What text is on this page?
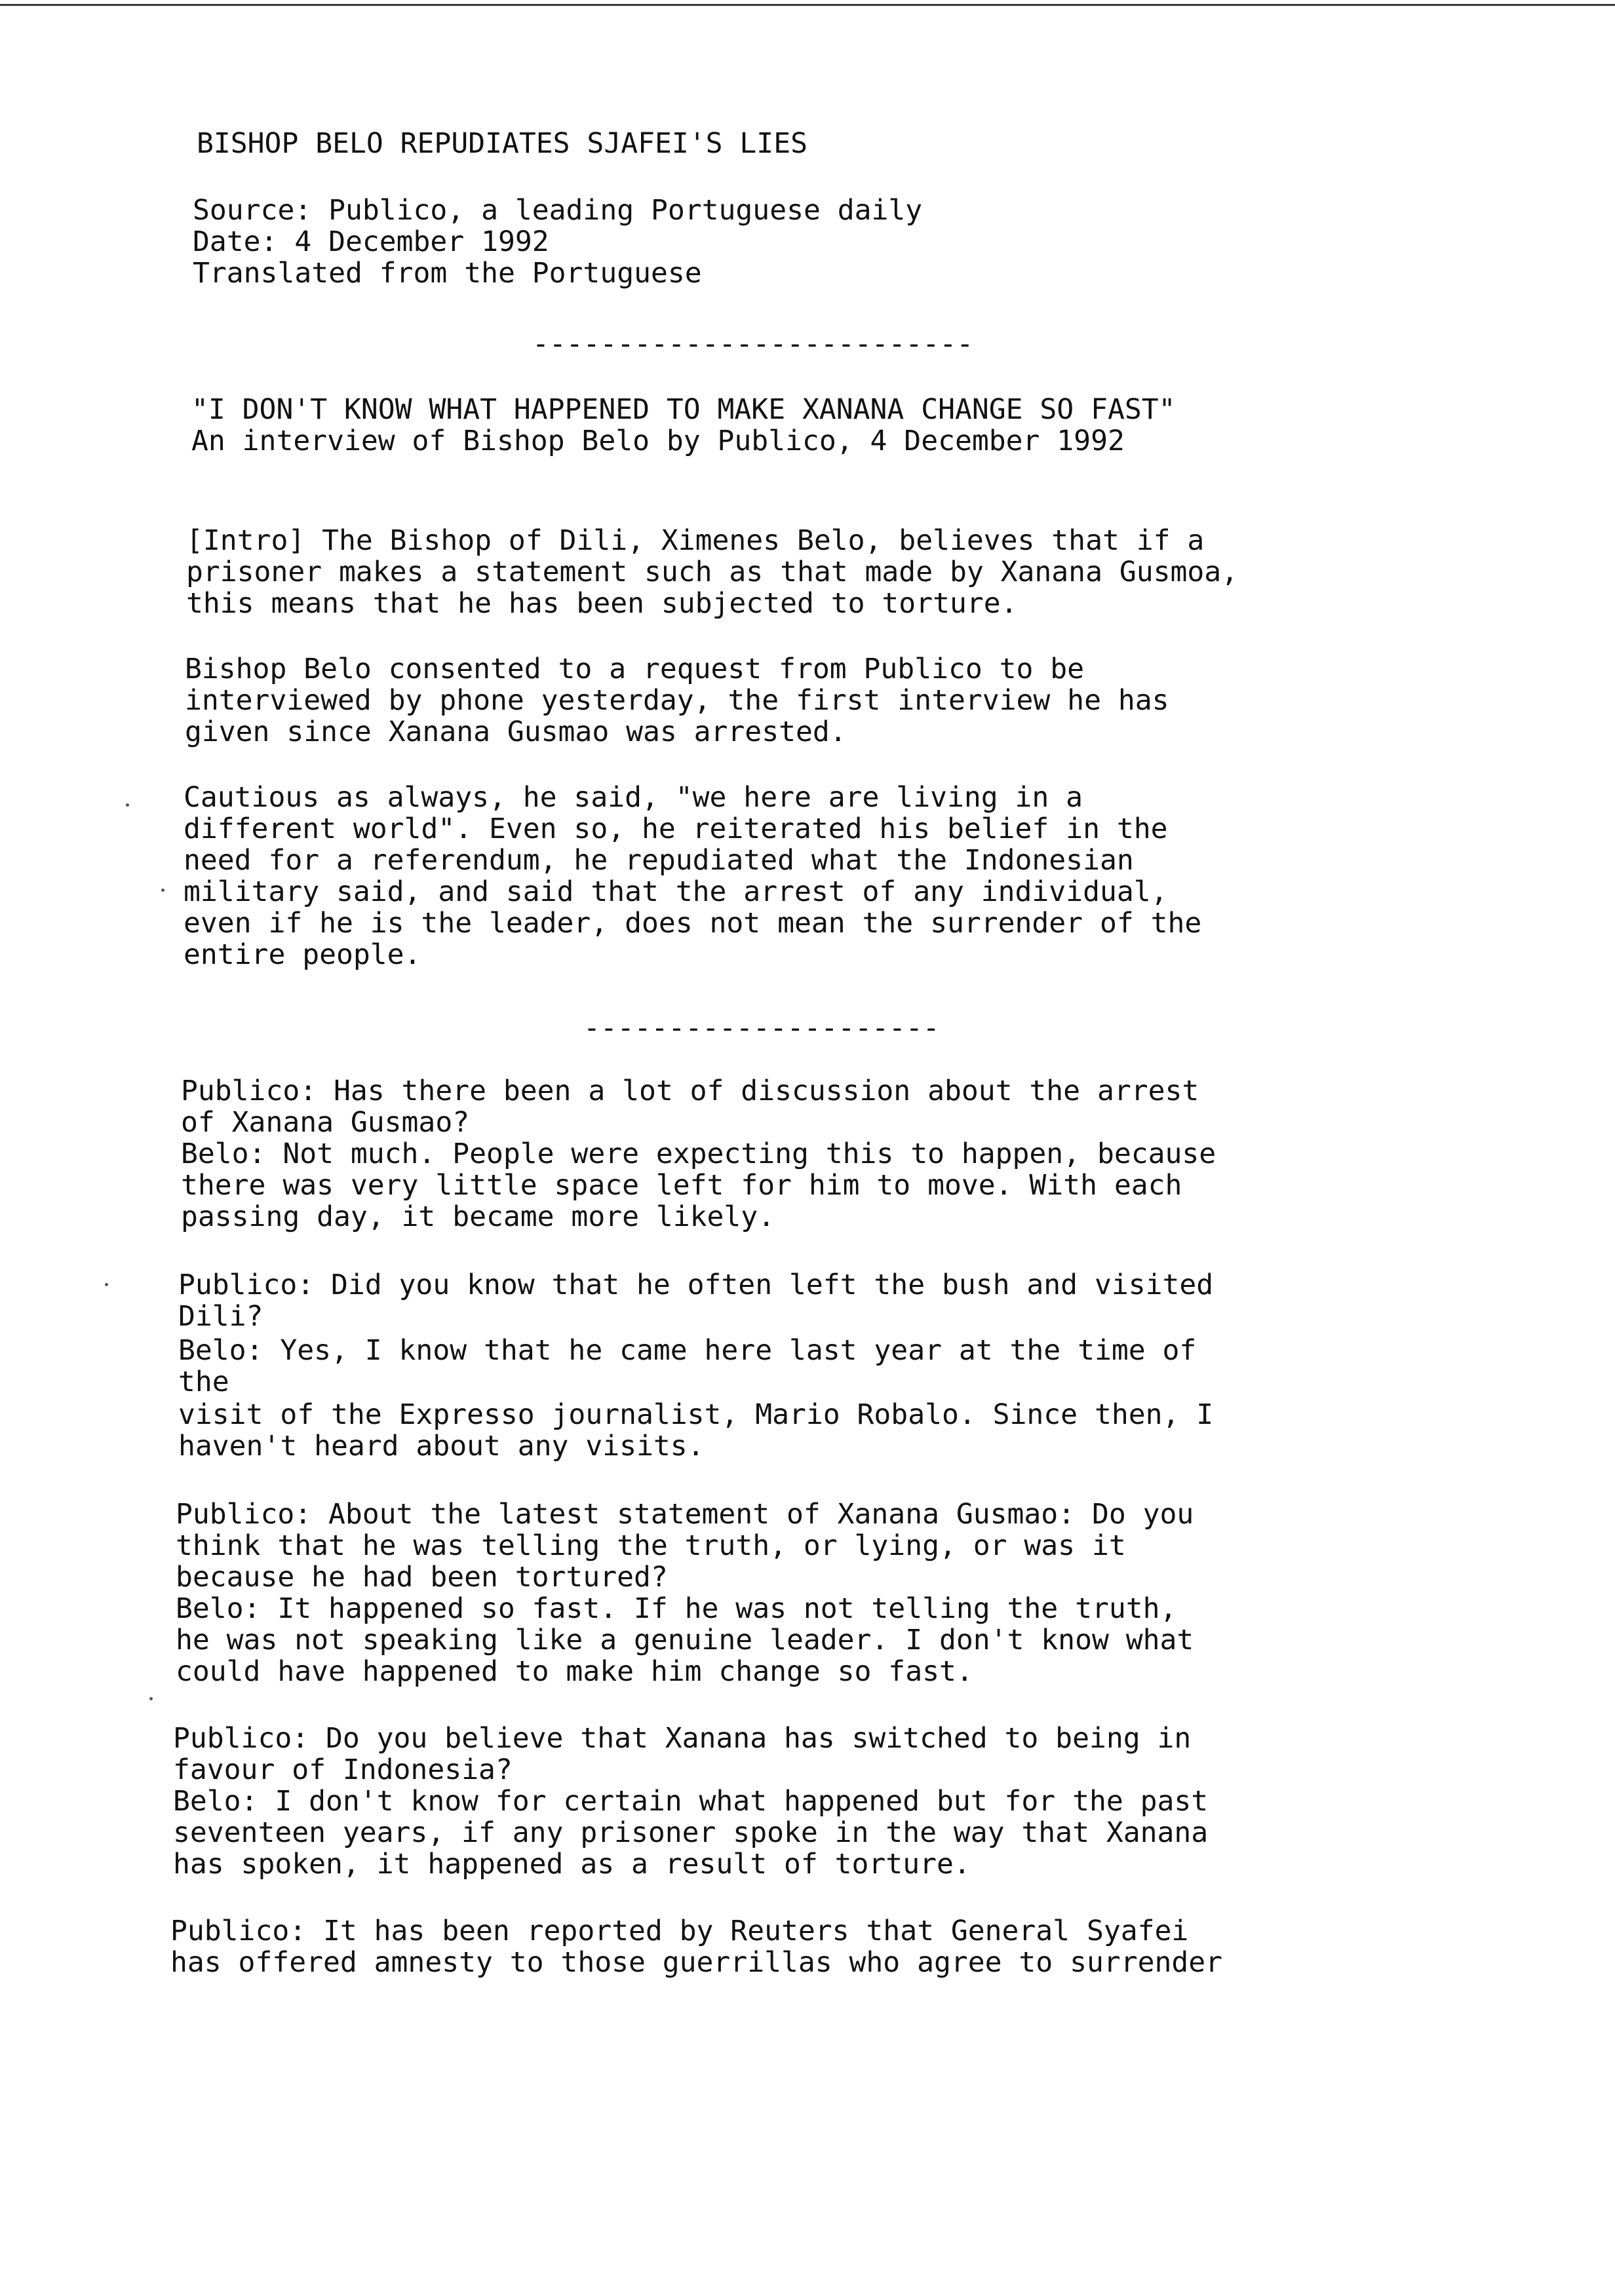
BISHOP BELO REPUDIATES SJAFEI'S LIES
Source: Publico, a leading Portuguese daily
Date: 4 December 1992
Translated from the Portuguese
--------------------------
"I DON'T KNOW WHAT HAPPENED TO MAKE XANANA CHANGE SO FAST"
An interview of Bishop Belo by Publico, 4 December 1992
[Intro] The Bishop of Dili, Ximenes Belo, believes that if a
prisoner makes a statement such as that made by Xanana Gusmoa,
this means that he has been subjected to torture.
Bishop Belo consented to a request from Publico to be
interviewed by phone yesterday, the first interview he has
given since Xanana Gusmao was arrested.
Cautious as always, he said, "we here are living in a
different world". Even so, he reiterated his belief in the
need for a referendum, he repudiated what the Indonesian
military said, and said that the arrest of any individual,
even if he is the leader, does not mean the surrender of the
entire people.
---------------------
Publico: Has there been a lot of discussion about the arrest
of Xanana Gusmao?
Belo: Not much. People were expecting this to happen, because
there was very little space left for him to move. With each
passing day, it became more likely.
Publico: Did you know that he often left the bush and visited
Dili?
Belo: Yes, I know that he came here last year at the time of
the
visit of the Expresso journalist, Mario Robalo. Since then, I
haven't heard about any visits.
Publico: About the latest statement of Xanana Gusmao: Do you
think that he was telling the truth, or lying, or was it
because he had been tortured?
Belo: It happened so fast. If he was not telling the truth,
he was not speaking like a genuine leader. I don't know what
could have happened to make him change so fast.
Publico: Do you believe that Xanana has switched to being in
favour of Indonesia?
Belo: I don't know for certain what happened but for the past
seventeen years, if any prisoner spoke in the way that Xanana
has spoken, it happened as a result of torture.
Publico: It has been reported by Reuters that General Syafei
has offered amnesty to those guerrillas who agree to surrender
